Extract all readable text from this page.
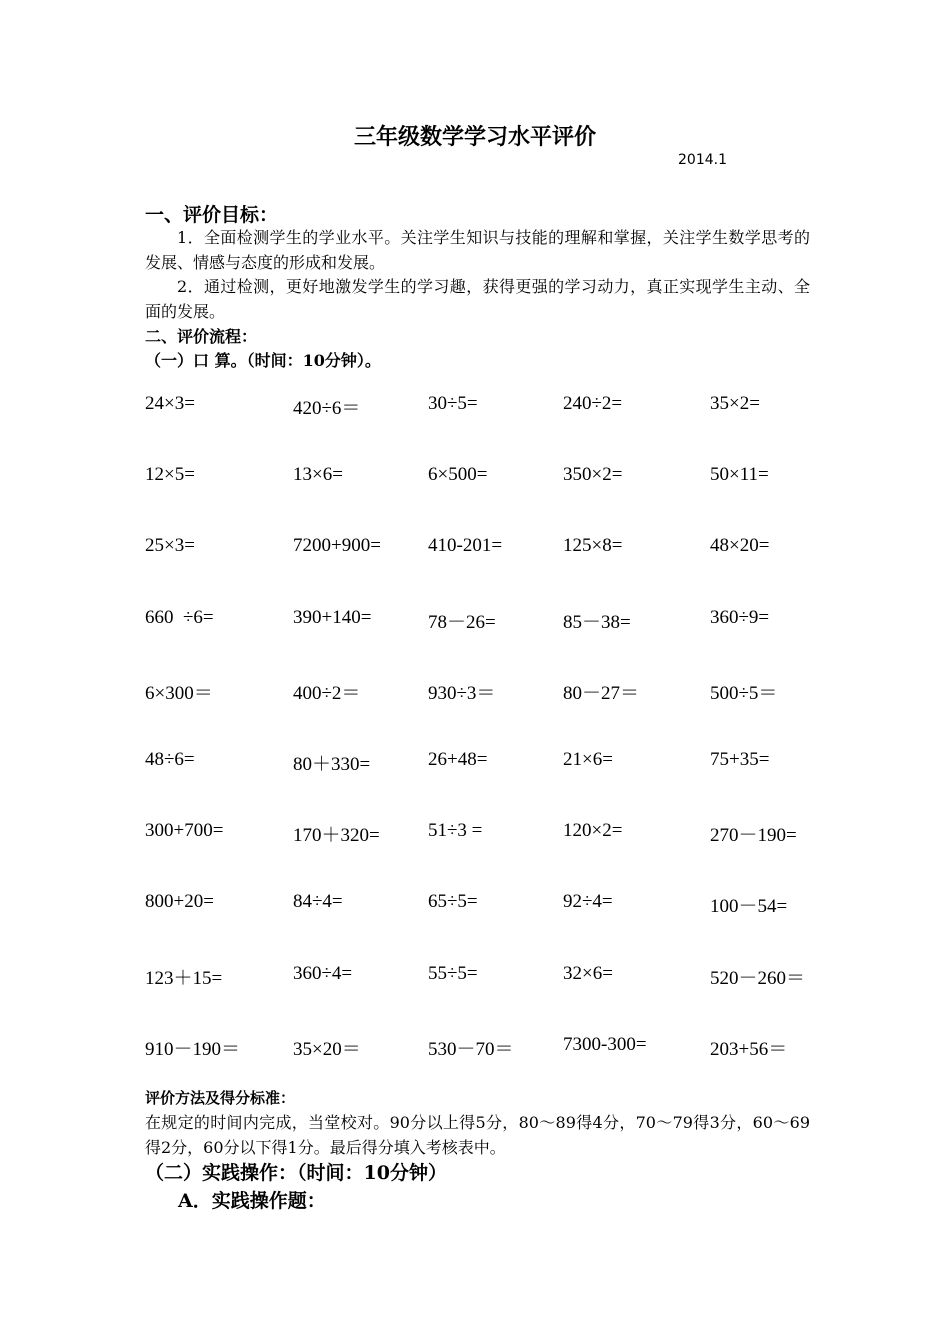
三年级数学学习水平评价
2014.1
一、评价目标：
1．全面检测学生的学业水平。关注学生知识与技能的理解和掌握，关注学生数学思考的发展、情感与态度的形成和发展。
2．通过检测，更好地激发学生的学习趣，获得更强的学习动力，真正实现学生主动、全面的发展。
二、评价流程：
（一）口 算。（时间：10分钟）。
24×3=	420÷6＝	30÷5=	240÷2=	35×2=
12×5=	13×6=	6×500=	350×2=	50×11=
25×3=	7200+900=	410-201=	125×8=	48×20=
660  ÷6=	390+140=	78－26=	85－38=	360÷9=
6×300＝	400÷2＝	930÷3＝	80－27＝	500÷5＝
48÷6=	80＋330=	26+48=	21×6=	75+35=
300+700=	170＋320=	51÷3 =	120×2=	270－190=
800+20=	84÷4=	65÷5=	92÷4=	100－54=
123＋15=	360÷4=	55÷5=	32×6=	520－260＝
910－190＝	35×20＝	530－70＝	7300-300=	203+56＝
评价方法及得分标准：
在规定的时间内完成，当堂校对。90分以上得5分，80～89得4分，70～79得3分，60～69得2分，60分以下得1分。最后得分填入考核表中。
（二）实践操作：（时间：10分钟）
A．实践操作题：
